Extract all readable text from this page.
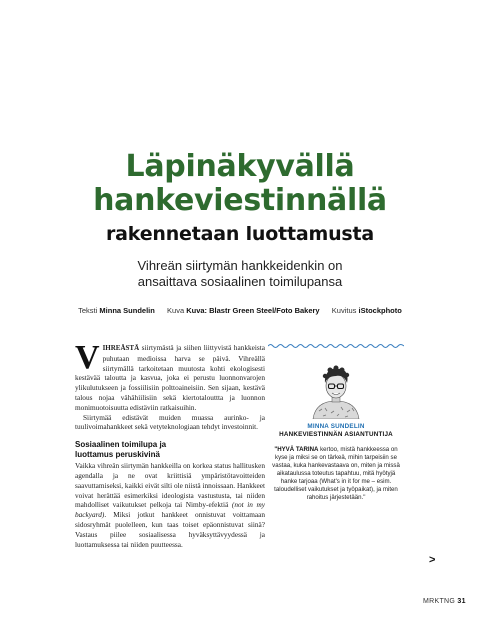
Läpinäkyvällä
hankeviestinnällä
rakennetaan luottamusta
Vihreän siirtymän hankkeidenkin on
ansaittava sosiaalinen toimilupansa
Teksti Minna Sundelin Kuva Kuva: Blastr Green Steel/Foto Bakery Kuvitus iStockphoto

VIHREÄSTÄ siirtymästä ja siihen liittyvistä hankkeista puhutaan medioissa harva se päivä. Vihreällä siirtymällä tarkoitetaan muutosta kohti ekologisesti kestävää taloutta ja kasvua, joka ei perustu luonnonvarojen ylikulutukseen ja fossiilisiin polttoaineisiin. Sen sijaan, kestävä talous nojaa vähähiilisiin sekä kiertotalouttta ja luonnon monimuotoisuutta edistäviin ratkaisuihin.

Siirtymää edistävät muiden muassa aurinko- ja tuulivoimahankkeet sekä vetyteknologiaan tehdyt investoinnit.

Sosiaalinen toimilupa ja
luottamus peruskivinä

Vaikka vihreän siirtymän hankkeilla on korkea status hallitusken agendalla ja ne ovat kriittisiä ympäristötavoitteiden saavuttamiseksi, kaikki eivät silti ole niistä innoissaan. Hankkeet voivat herättää esimerkiksi ideologista vastustusta, tai niiden mahdolliset vaikutukset pelkoja tai Nimby-efektiä (not in my backyard). Miksi jotkut hankkeet onnistuvat voittamaan sidosryhmät puolelleen, kun taas toiset epäonnistuvat siinä? Vastaus piilee sosiaalisessa hyväksyttävyydessä ja luottamuksessa tai niiden puutteessa.

MINNA SUNDELIN
HANKEVIESTINNÄN ASIANTUNTIJA
"HYVÄ TARINA kertoo, mistä hankkeessa on kyse ja miksi se on tärkeä, mihin tarpeisiin se vastaa, kuka hankevastaava on, miten ja missä aikataulussa toteutus tapahtuu, mitä hyötyjä hanke tarjoaa (What's in it for me – esim. taloudelliset vaikutukset ja työpaikat), ja miten rahoitus järjestetään."
>
MRKTNG 31
